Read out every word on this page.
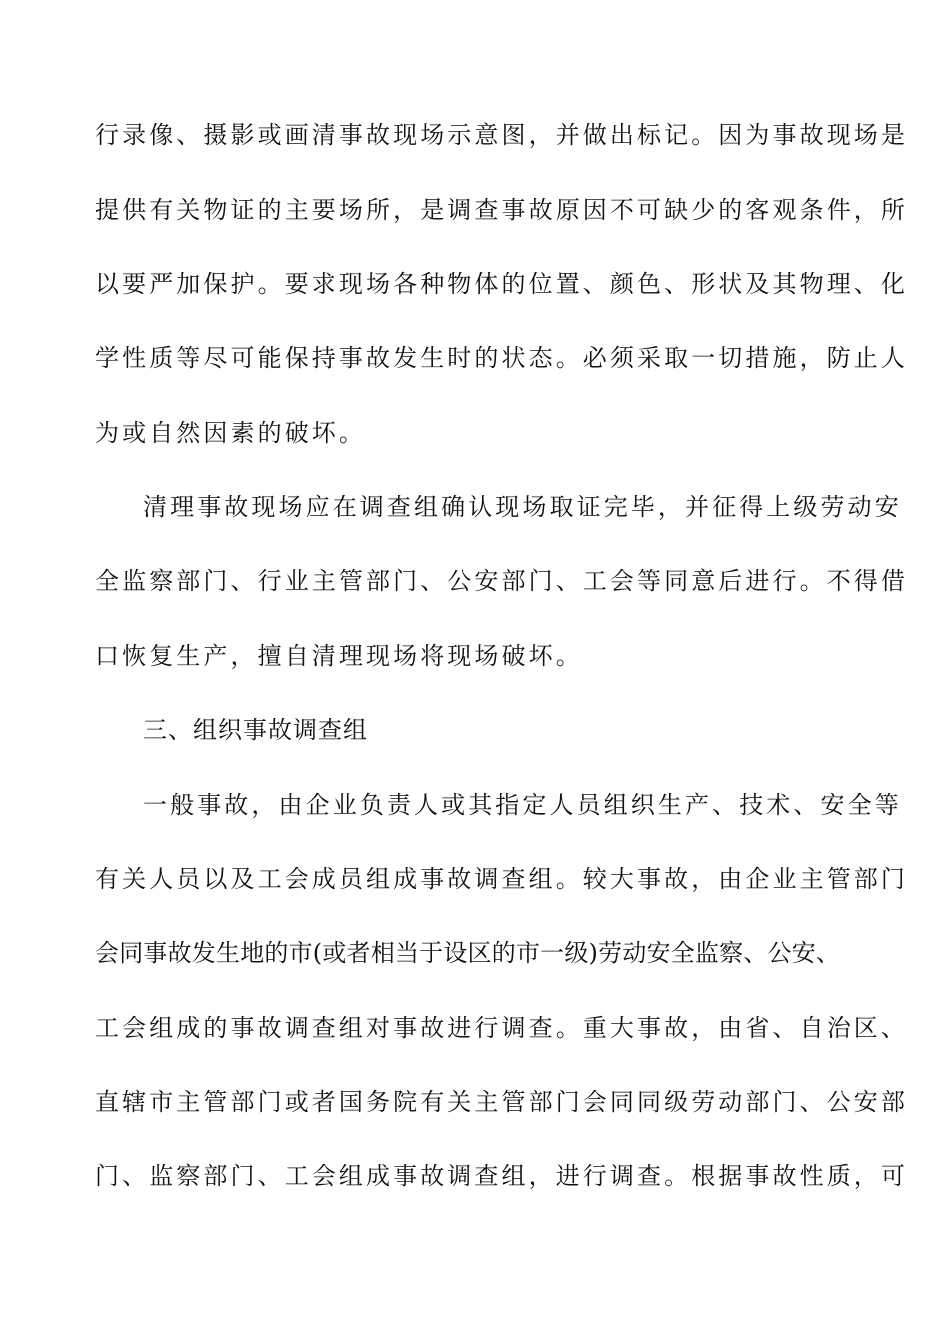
行录像、摄影或画清事故现场示意图，并做出标记。因为事故现场是
提供有关物证的主要场所，是调查事故原因不可缺少的客观条件，所
以要严加保护。要求现场各种物体的位置、颜色、形状及其物理、化
学性质等尽可能保持事故发生时的状态。必须采取一切措施，防止人
为或自然因素的破坏。
清理事故现场应在调查组确认现场取证完毕，并征得上级劳动安
全监察部门、行业主管部门、公安部门、工会等同意后进行。不得借
口恢复生产，擅自清理现场将现场破坏。
三、组织事故调查组
一般事故，由企业负责人或其指定人员组织生产、技术、安全等
有关人员以及工会成员组成事故调查组。较大事故，由企业主管部门
会同事故发生地的市(或者相当于设区的市一级)劳动安全监察、公安、
工会组成的事故调查组对事故进行调查。重大事故，由省、自治区、
直辖市主管部门或者国务院有关主管部门会同同级劳动部门、公安部
门、监察部门、工会组成事故调查组，进行调查。根据事故性质，可
